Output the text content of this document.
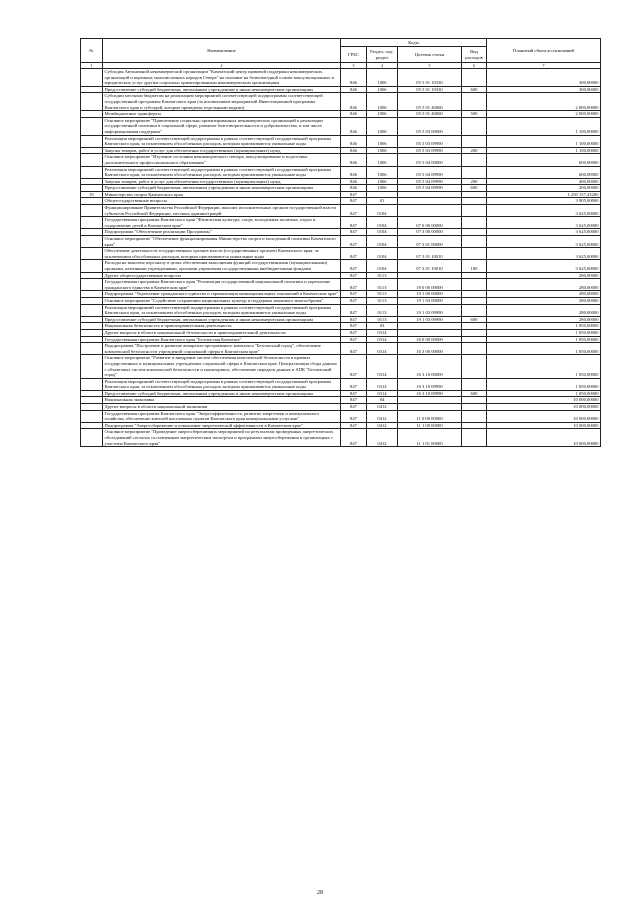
№	Наименование	Коды				Плановый объем ассигнований
		ГРБС	Раздел, под-раздел	Целевая статья	Вид расходов	
1	2	3	4	5	6	7
	Субсидия Автономной некоммерческой организации "Камчатский центр правовой поддержки некоммерческих организаций и коренных малочисленных народов Севера" на оказание на безвозмездной основе консультационных и юридических услуг другим социально ориентированным некоммерческим организациям	846	1006	05 5 01 10330		300,00000
	Предоставление субсидий бюджетным, автономным учреждениям и иным некоммерческим организациям	846	1006	05 5 01 10330	600	300,00000
	Субсидии местным бюджетам на реализацию мероприятий соответствующей подпрограммы соответствующей государственной программы Камчатского края (за исключением мероприятий Инвестиционной программы Камчатского края и субсидий, которые приведены отдельными кодами)	846	1006	05 5 01 40060		2 800,00000
	Межбюджетные трансферты	846	1006	05 5 01 40060	500	2 800,00000
	Основное мероприятие "Привлечение социально ориентированных некоммерческих организаций к реализации государственной политики в социальной сфере, развитие благотворительности и добровольчества, в том числе информационная поддержка"	846	1006	05 5 03 00000		1 100,00000
	Реализация мероприятий соответствующей подпрограммы в рамках соответствующей государственной программы Камчатского края, за исключением обособленных расходов, которым присваиваются уникальные коды	846	1006	05 5 03 09990		1 100,00000
	Закупка товаров, работ и услуг для обеспечения государственных (муниципальных) нужд	846	1006	05 5 03 09990	200	1 100,00000
	Основное мероприятие "Изучение состояния некоммерческого сектора, консультирование и подготовка дополнительного профессионального образования"	846	1006	05 5 04 00000		600,00000
	Реализация мероприятий соответствующей подпрограммы в рамках соответствующей государственной программы Камчатского края, за исключением обособленных расходов, которым присваиваются уникальные коды	846	1006	05 5 04 09990		600,00000
	Закупка товаров, работ и услуг для обеспечения государственных (муниципальных) нужд	846	1006	05 5 04 09990	200	400,00000
	Предоставление субсидий бюджетным, автономным учреждениям и иным некоммерческим организациям	846	1006	05 5 04 09990	600	200,00000
35	Министерство спорта Камчатского края	847				1 250 157,43200
	Общегосударственные вопросы	847	01			3 905,00000
	Функционирование Правительства Российской Федерации, высших исполнительных органов государственной власти субъектов Российской Федерации, местных администраций	847	0104			3 625,00000
	Государственная программа Камчатского края "Физическая культура, спорт, молодежная политика, отдых и оздоровление детей в Камчатском крае"	847	0104	07 0 00 00000		3 625,00000
	Подпрограмма "Обеспечение реализации Программы"	847	0104	07 3 00 00000		3 625,00000
	Основное мероприятие "Обеспечение функционирования Министерства спорта и молодежной политики Камчатского края"	847	0104	07 3 01 00000		3 625,00000
	Обеспечение деятельности государственных органов власти (государственных органов) Камчатского края, за исключением обособленных расходов, которым присваиваются уникальные коды	847	0104	07 3 01 10010		3 625,00000
	Расходы на выплаты персоналу в целях обеспечения выполнения функций государственными (муниципальными) органами, казенными учреждениями, органами управления государственными внебюджетными фондами	847	0104	07 3 01 10010	100	3 625,00000
	Другие общегосударственные вопросы	847	0113			280,00000
	Государственная программа Камчатского края "Реализация государственной национальной политики и укрепление гражданского единства в Камчатском крае"	847	0113	19 0 00 00000		280,00000
	Подпрограмма "Укрепление гражданского единства и гармонизация межнациональных отношений в Камчатском крае"	847	0113	19 1 00 00000		280,00000
	Основное мероприятие "Содействие сохранению национальных культур и поддержка языкового многообразия"	847	0113	19 1 03 00000		280,00000
	Реализация мероприятий соответствующей подпрограммы в рамках соответствующей государственной программы Камчатского края, за исключением обособленных расходов, которым присваиваются уникальные коды	847	0113	19 1 03 09990		280,00000
	Предоставление субсидий бюджетным, автономным учреждениям и иным некоммерческим организациям	847	0113	19 1 03 09990	600	280,00000
	Национальная безопасность и правоохранительная деятельность	847	03			1 850,00000
	Другие вопросы в области национальной безопасности и правоохранительной деятельности	847	0314			1 850,00000
	Государственная программа Камчатского края "Безопасная Камчатка"	847	0314	16 0 00 00000		1 850,00000
	Подпрограмма "Построение и развитие аппаратно-программного комплекса "Безопасный город", обеспечение комплексной безопасности учреждений социальной сферы в Камчатском крае"	847	0314	16 3 00 00000		1 850,00000
	Основное мероприятие "Развитие и внедрение систем обеспечения комплексной безопасности в краевых государственных и муниципальных учреждениях социальной сферы в Камчатском крае. Централизация сбора данных с объектовых систем комплексной безопасности и мониторинга, обеспечение передачи данных в АПК "Безопасный город"	847	0314	16 3 10 00000		1 850,00000
	Реализация мероприятий соответствующей подпрограммы в рамках соответствующей государственной программы Камчатского края, за исключением обособленных расходов, которым присваиваются уникальные коды	847	0314	16 3 10 09990		1 850,00000
	Предоставление субсидий бюджетным, автономным учреждениям и иным некоммерческим организациям	847	0314	16 3 10 09990	600	1 850,00000
	Национальная экономика	847	04			10 000,00000
	Другие вопросы в области национальной экономики	847	0412			10 000,00000
	Государственная программа Камчатского края "Энергоэффективность, развитие энергетики и коммунального хозяйства, обеспечение жителей населенных пунктов Камчатского края коммунальными услугами"	847	0412	11 0 00 00000		10 000,00000
	Подпрограмма "Энергосбережение и повышение энергетической эффективности в Камчатском крае"	847	0412	11 1 00 00000		10 000,00000
	Основное мероприятие "Проведение энергосберегающих мероприятий по результатам проведенных энергетических обследований согласно составленным энергетическим паспортам и программам энергосбережения в организациях с участием Камчатского края"	847	0412	11 1 01 00000		10 000,00000
28
